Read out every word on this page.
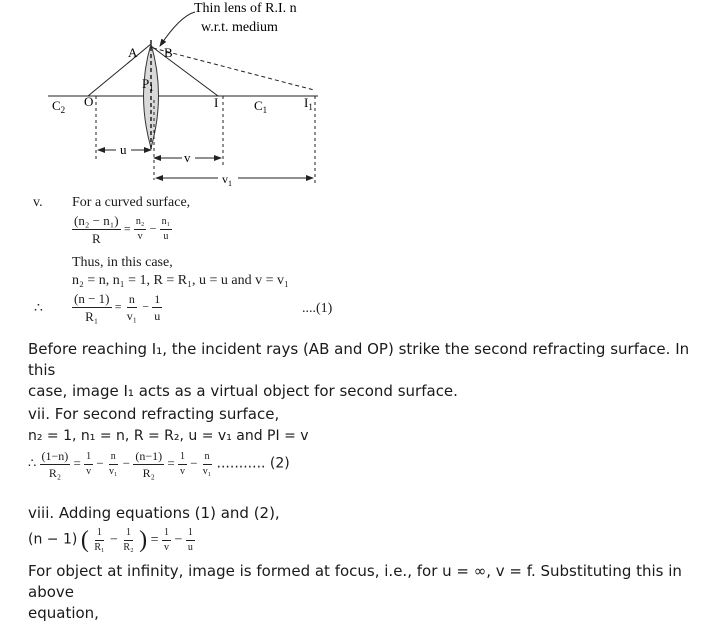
Thin lens of R.I. n
w.r.t. medium
A B
$P_1$
$C_2$
O	I	$C_1$	$I_1$
u
v
$v_1$
v. For a curved surface,
$\frac{\text{(n₂ − n₁)}}{R} = \frac{\text{n₂}}{v} - \frac{\text{n₁}}{u}$
Thus, in this case,
n₂ = n, n₁ = 1, R = R₁, u = u and v = v₁
∴ $\frac{(n - 1)}{\text{R₁}} = \frac{n}{\text{v₁}} - \frac{1}{u}$	....(1)
Before reaching I₁, the incident rays (AB and OP) strike the second refracting surface. In this
case, image I₁ acts as a virtual object for second surface.
vii. For second refracting surface,
n₂ = 1, n₁ = n, R = R₂, u = v₁ and PI = v
∴ $\frac{(1-n)}{\text{R₂}} = \frac{1}{v} - \frac{n}{\text{v₁}} - \frac{(n-1)}{\text{R₂}} = \frac{1}{v} - \frac{n}{\text{v₁}}$ ........... (2)
viii. Adding equations (1) and (2),
(n − 1) ( $\frac{1}{\text{R₁}} - \frac{1}{\text{R₂}}$ ) = $\frac{1}{v} - \frac{1}{u}$
For object at infinity, image is formed at focus, i.e., for u = ∞, v = f. Substituting this in above
equation,
